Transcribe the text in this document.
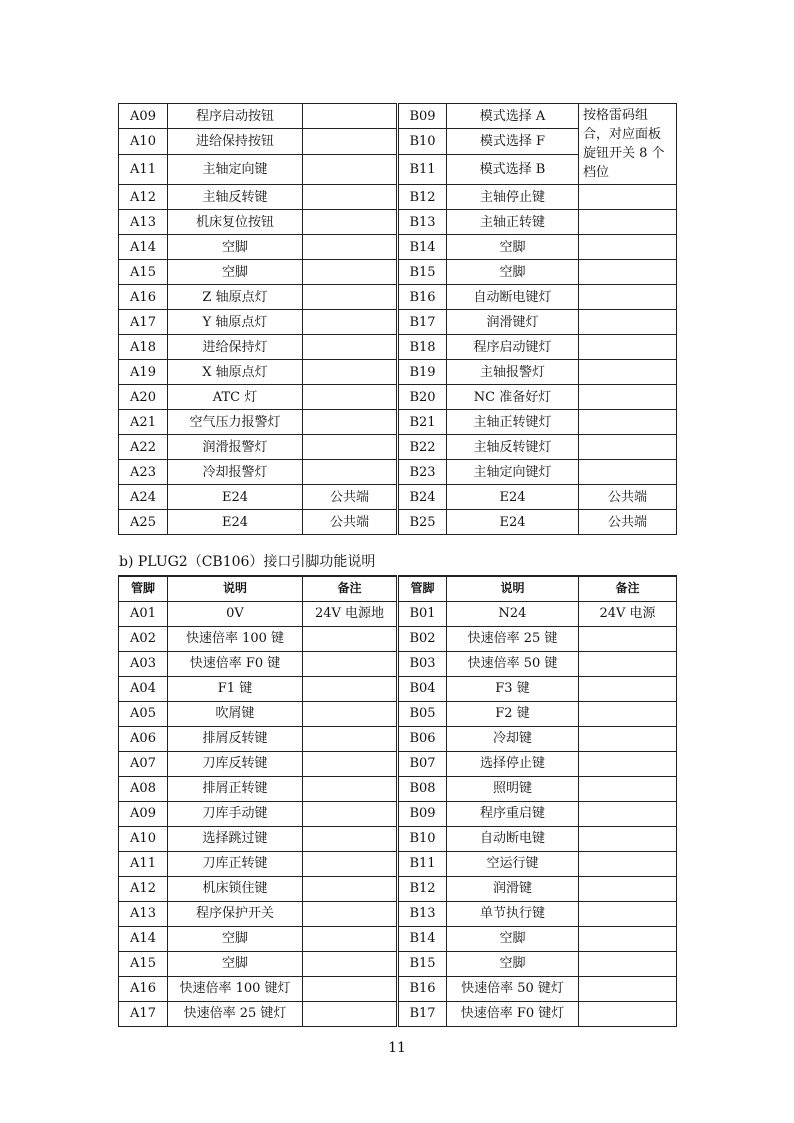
A09	程序启动按钮		B09	模式选择 A	按格雷码组合，对应面板旋钮开关 8 个档位
A10	进给保持按钮		B10	模式选择 F	
A11	主轴定向键		B11	模式选择 B	
A12	主轴反转键		B12	主轴停止键	
A13	机床复位按钮		B13	主轴正转键	
A14	空脚		B14	空脚	
A15	空脚		B15	空脚	
A16	Z 轴原点灯		B16	自动断电键灯	
A17	Y 轴原点灯		B17	润滑键灯	
A18	进给保持灯		B18	程序启动键灯	
A19	X 轴原点灯		B19	主轴报警灯	
A20	ATC 灯		B20	NC 准备好灯	
A21	空气压力报警灯		B21	主轴正转键灯	
A22	润滑报警灯		B22	主轴反转键灯	
A23	冷却报警灯		B23	主轴定向键灯	
A24	E24	公共端	B24	E24	公共端
A25	E24	公共端	B25	E24	公共端
b) PLUG2（CB106）接口引脚功能说明
管脚	说明	备注	管脚	说明	备注
A01	0V	24V 电源地	B01	N24	24V 电源
A02	快速倍率 100 键		B02	快速倍率 25 键	
A03	快速倍率 F0 键		B03	快速倍率 50 键	
A04	F1 键		B04	F3 键	
A05	吹屑键		B05	F2 键	
A06	排屑反转键		B06	冷却键	
A07	刀库反转键		B07	选择停止键	
A08	排屑正转键		B08	照明键	
A09	刀库手动键		B09	程序重启键	
A10	选择跳过键		B10	自动断电键	
A11	刀库正转键		B11	空运行键	
A12	机床锁住键		B12	润滑键	
A13	程序保护开关		B13	单节执行键	
A14	空脚		B14	空脚	
A15	空脚		B15	空脚	
A16	快速倍率 100 键灯		B16	快速倍率 50 键灯	
A17	快速倍率 25 键灯		B17	快速倍率 F0 键灯	
11
